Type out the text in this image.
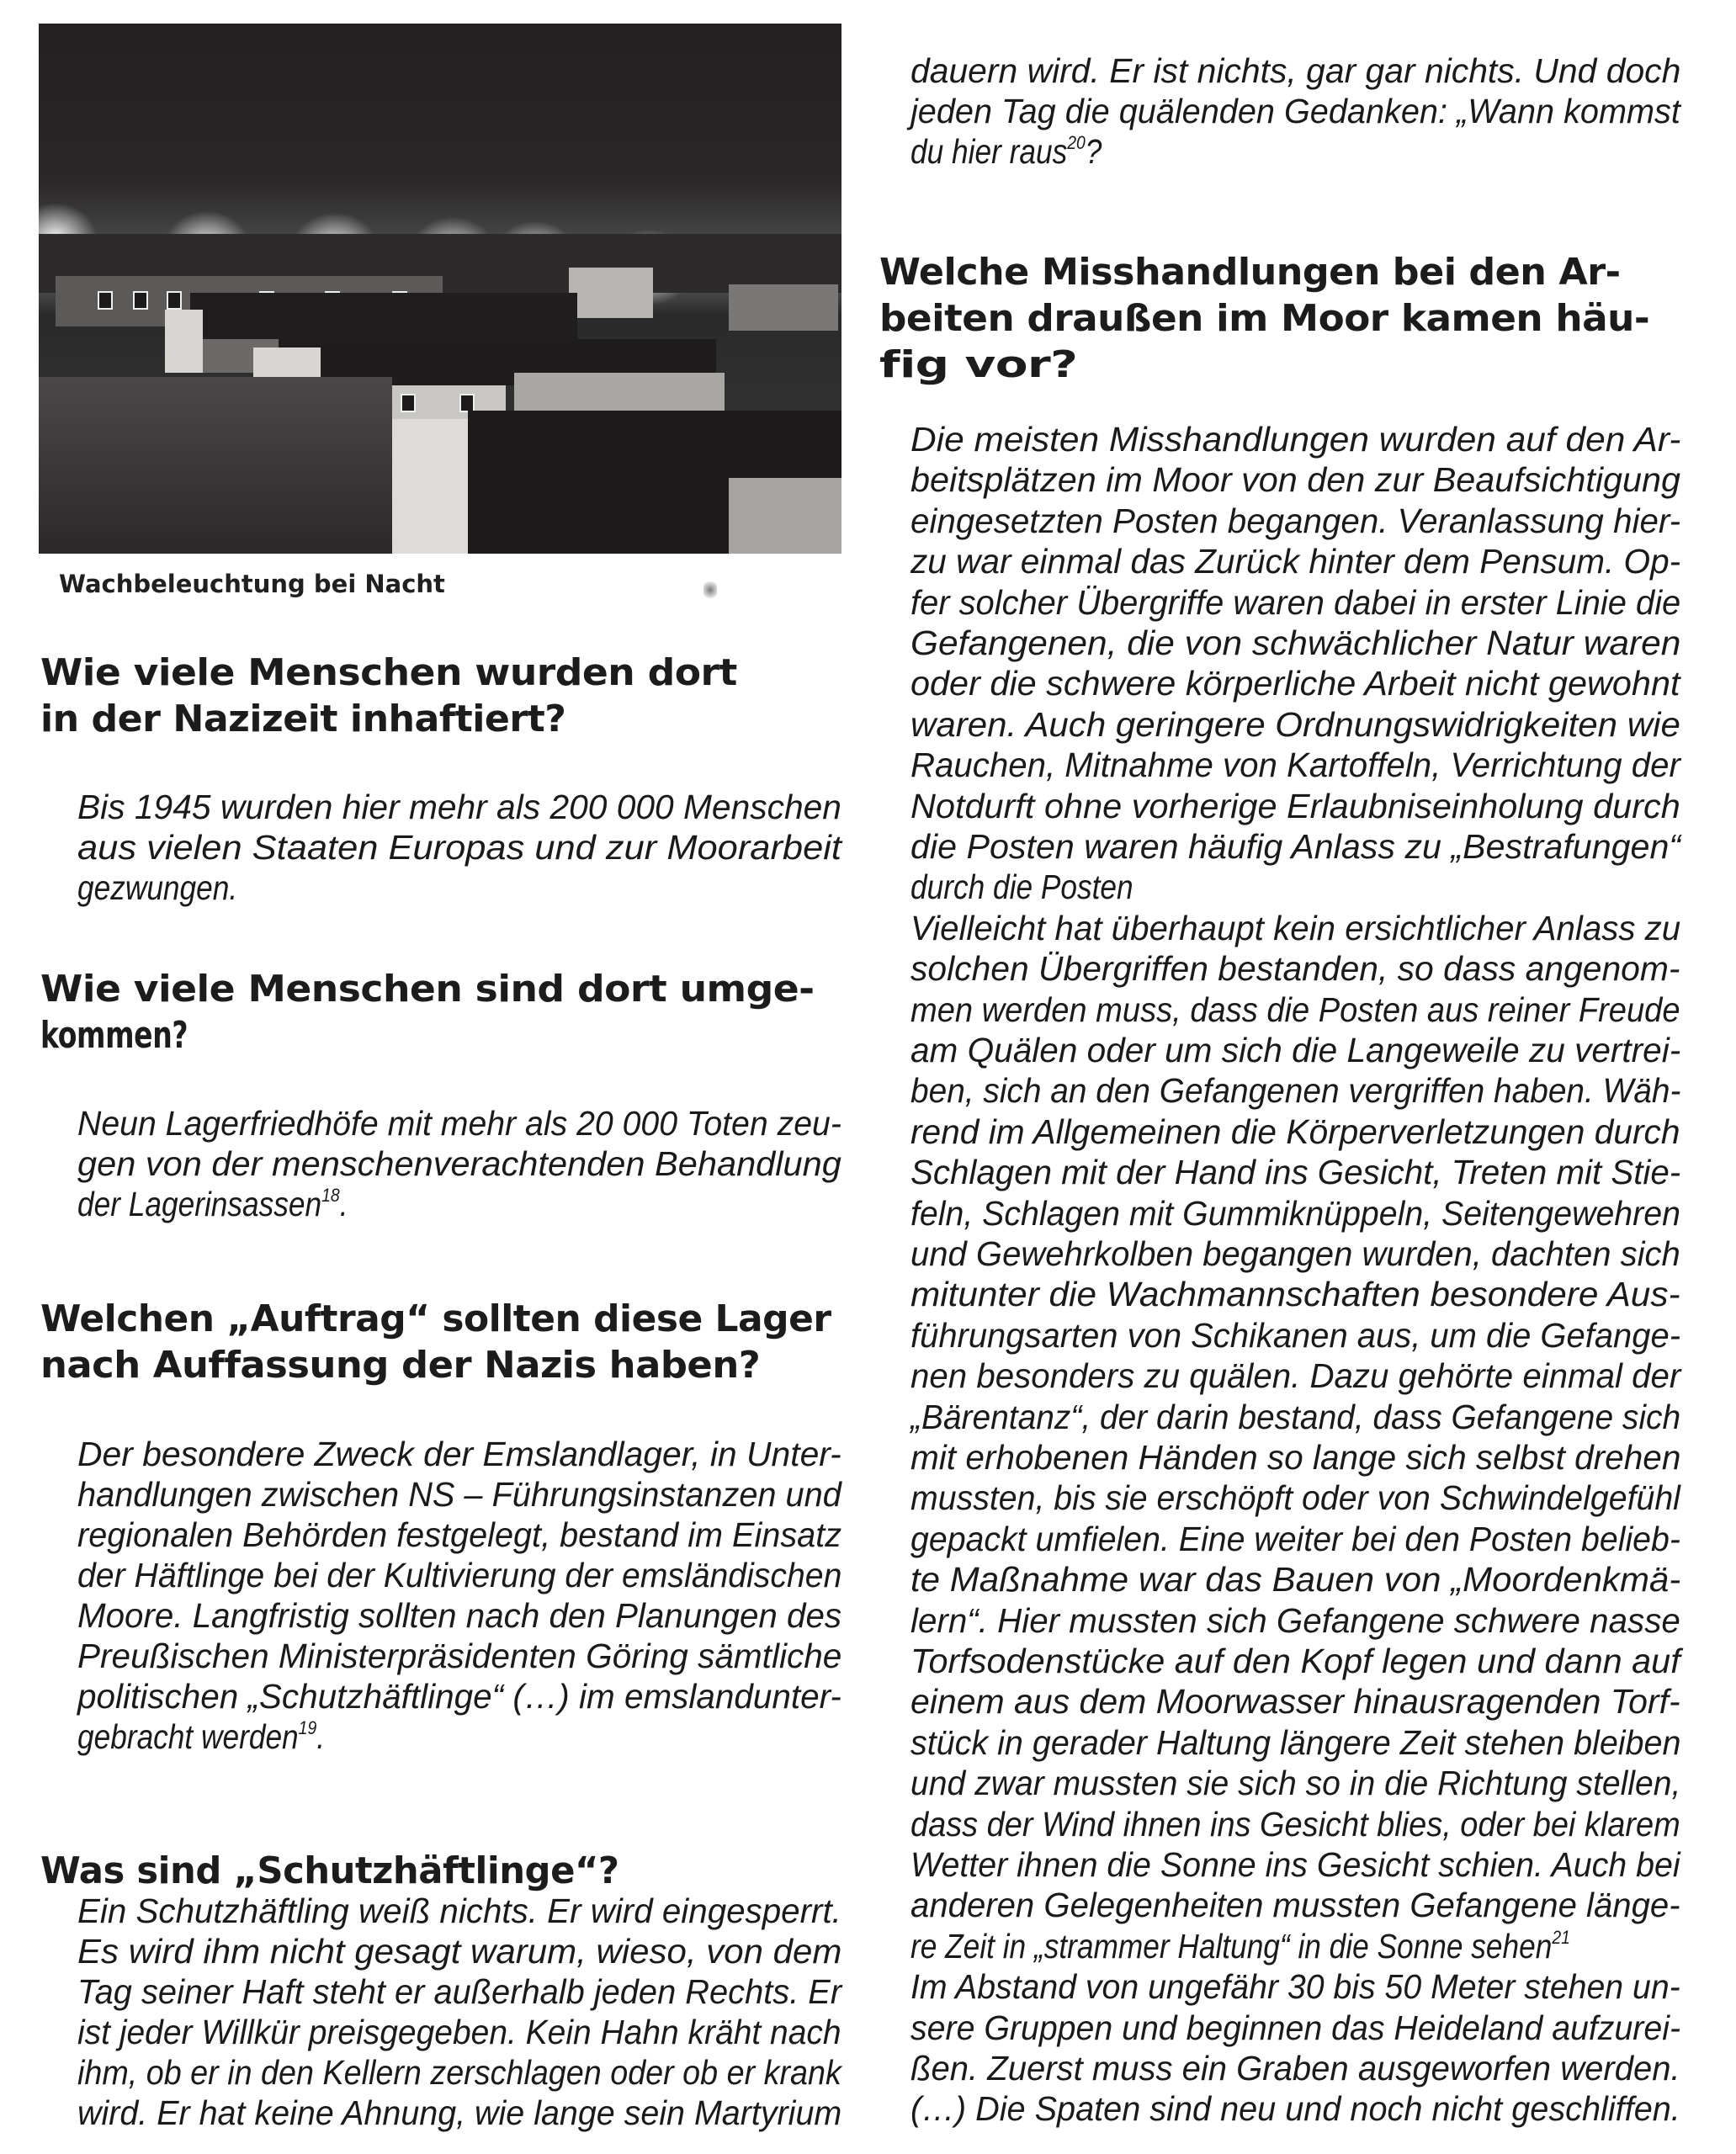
Wachbeleuchtung bei Nacht
Wie viele Menschen wurden dort
in der Nazizeit inhaftiert?
Bis 1945 wurden hier mehr als 200 000 Menschen
aus vielen Staaten Europas und zur Moorarbeit
gezwungen.
Wie viele Menschen sind dort umge-
kommen?
Neun Lagerfriedhöfe mit mehr als 20 000 Toten zeu-
gen von der menschenverachtenden Behandlung
der Lagerinsassen$^{18}$.
Welchen „Auftrag“ sollten diese Lager
nach Auffassung der Nazis haben?
Der besondere Zweck der Emslandlager, in Unter-
handlungen zwischen NS – Führungsinstanzen und
regionalen Behörden festgelegt, bestand im Einsatz
der Häftlinge bei der Kultivierung der emsländischen
Moore. Langfristig sollten nach den Planungen des
Preußischen Ministerpräsidenten Göring sämtliche
politischen „Schutzhäftlinge“ (…) im emslandunter-
gebracht werden$^{19}$.
Was sind „Schutzhäftlinge“?
Ein Schutzhäftling weiß nichts. Er wird eingesperrt.
Es wird ihm nicht gesagt warum, wieso, von dem
Tag seiner Haft steht er außerhalb jeden Rechts. Er
ist jeder Willkür preisgegeben. Kein Hahn kräht nach
ihm, ob er in den Kellern zerschlagen oder ob er krank
wird. Er hat keine Ahnung, wie lange sein Martyrium
dauern wird. Er ist nichts, gar gar nichts. Und doch
jeden Tag die quälenden Gedanken: „Wann kommst
du hier raus$^{20}$?
Welche Misshandlungen bei den Ar-
beiten draußen im Moor kamen häu-
fig vor?
Die meisten Misshandlungen wurden auf den Ar-
beitsplätzen im Moor von den zur Beaufsichtigung
eingesetzten Posten begangen. Veranlassung hier-
zu war einmal das Zurück hinter dem Pensum. Op-
fer solcher Übergriffe waren dabei in erster Linie die
Gefangenen, die von schwächlicher Natur waren
oder die schwere körperliche Arbeit nicht gewohnt
waren. Auch geringere Ordnungswidrigkeiten wie
Rauchen, Mitnahme von Kartoffeln, Verrichtung der
Notdurft ohne vorherige Erlaubniseinholung durch
die Posten waren häufig Anlass zu „Bestrafungen“
durch die Posten
Vielleicht hat überhaupt kein ersichtlicher Anlass zu
solchen Übergriffen bestanden, so dass angenom-
men werden muss, dass die Posten aus reiner Freude
am Quälen oder um sich die Langeweile zu vertrei-
ben, sich an den Gefangenen vergriffen haben. Wäh-
rend im Allgemeinen die Körperverletzungen durch
Schlagen mit der Hand ins Gesicht, Treten mit Stie-
feln, Schlagen mit Gummiknüppeln, Seitengewehren
und Gewehrkolben begangen wurden, dachten sich
mitunter die Wachmannschaften besondere Aus-
führungsarten von Schikanen aus, um die Gefange-
nen besonders zu quälen. Dazu gehörte einmal der
„Bärentanz“, der darin bestand, dass Gefangene sich
mit erhobenen Händen so lange sich selbst drehen
mussten, bis sie erschöpft oder von Schwindelgefühl
gepackt umfielen. Eine weiter bei den Posten belieb-
te Maßnahme war das Bauen von „Moordenkmä-
lern“. Hier mussten sich Gefangene schwere nasse
Torfsodenstücke auf den Kopf legen und dann auf
einem aus dem Moorwasser hinausragenden Torf-
stück in gerader Haltung längere Zeit stehen bleiben
und zwar mussten sie sich so in die Richtung stellen,
dass der Wind ihnen ins Gesicht blies, oder bei klarem
Wetter ihnen die Sonne ins Gesicht schien. Auch bei
anderen Gelegenheiten mussten Gefangene länge-
re Zeit in „strammer Haltung“ in die Sonne sehen$^{21}$
Im Abstand von ungefähr 30 bis 50 Meter stehen un-
sere Gruppen und beginnen das Heideland aufzurei-
ßen. Zuerst muss ein Graben ausgeworfen werden.
(…) Die Spaten sind neu und noch nicht geschliffen.
